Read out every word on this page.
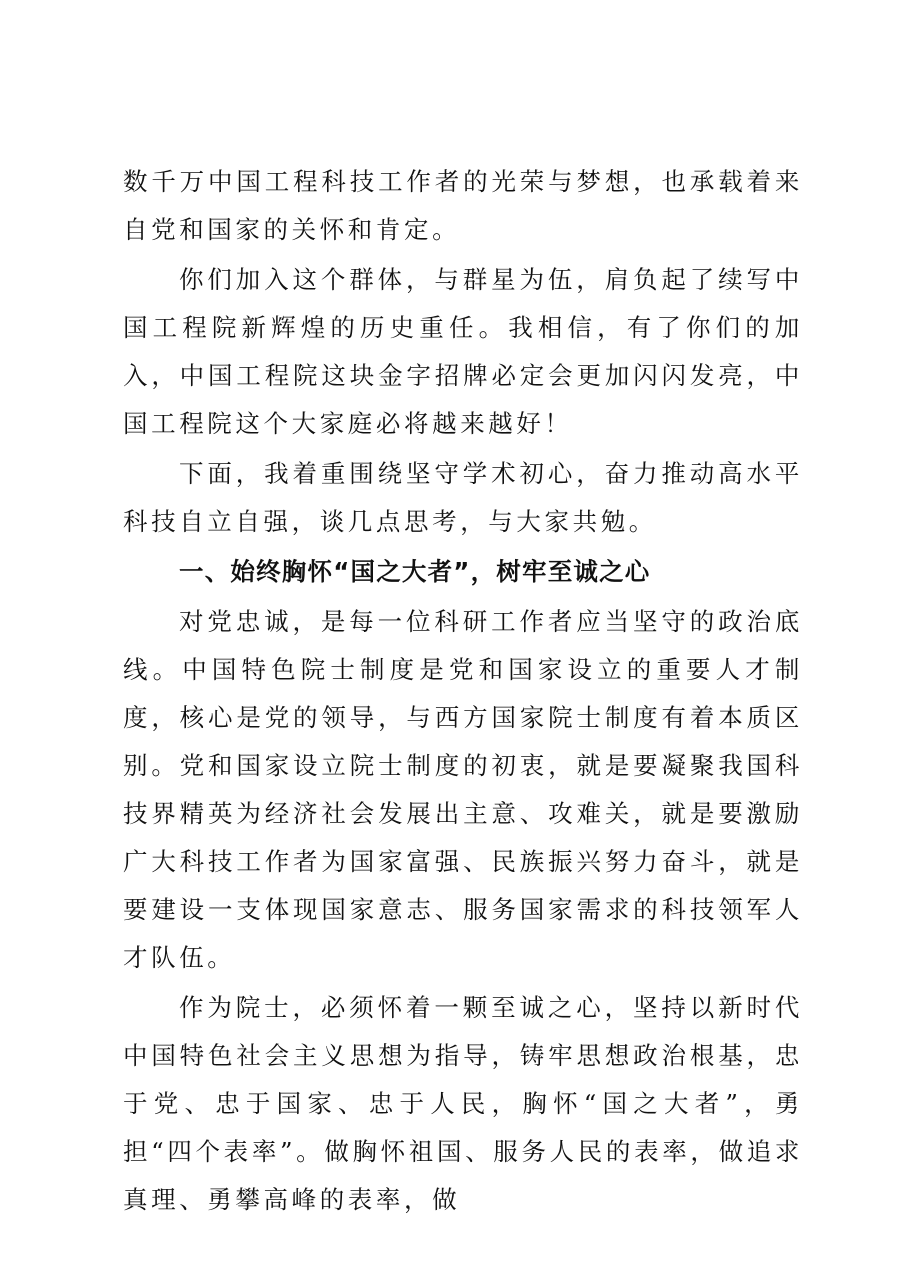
数千万中国工程科技工作者的光荣与梦想，也承载着来自党和国家的关怀和肯定。

你们加入这个群体，与群星为伍，肩负起了续写中国工程院新辉煌的历史重任。我相信，有了你们的加入，中国工程院这块金字招牌必定会更加闪闪发亮，中国工程院这个大家庭必将越来越好！

下面，我着重围绕坚守学术初心，奋力推动高水平科技自立自强，谈几点思考，与大家共勉。

一、始终胸怀“国之大者”，树牢至诚之心

对党忠诚，是每一位科研工作者应当坚守的政治底线。中国特色院士制度是党和国家设立的重要人才制度，核心是党的领导，与西方国家院士制度有着本质区别。党和国家设立院士制度的初衷，就是要凝聚我国科技界精英为经济社会发展出主意、攻难关，就是要激励广大科技工作者为国家富强、民族振兴努力奋斗，就是要建设一支体现国家意志、服务国家需求的科技领军人才队伍。

作为院士，必须怀着一颗至诚之心，坚持以新时代中国特色社会主义思想为指导，铸牢思想政治根基，忠于党、忠于国家、忠于人民，胸怀“国之大者”，勇担“四个表率”。做胸怀祖国、服务人民的表率，做追求真理、勇攀高峰的表率，做
